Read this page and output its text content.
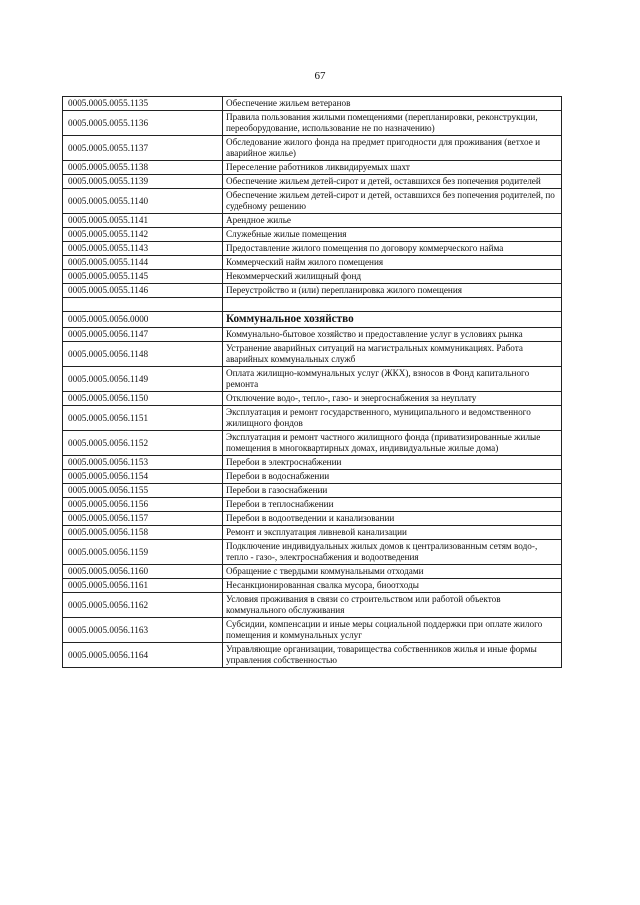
67
0005.0005.0055.1135	Обеспечение жильем ветеранов
0005.0005.0055.1136	Правила пользования жилыми помещениями (перепланировки, реконструкции, переоборудование, использование не по назначению)
0005.0005.0055.1137	Обследование жилого фонда на предмет пригодности для проживания (ветхое и аварийное жилье)
0005.0005.0055.1138	Переселение работников ликвидируемых шахт
0005.0005.0055.1139	Обеспечение жильем детей-сирот и детей, оставшихся без попечения родителей
0005.0005.0055.1140	Обеспечение жильем детей-сирот и детей, оставшихся без попечения родителей, по судебному решению
0005.0005.0055.1141	Арендное жилье
0005.0005.0055.1142	Служебные жилые помещения
0005.0005.0055.1143	Предоставление жилого помещения по договору коммерческого найма
0005.0005.0055.1144	Коммерческий найм жилого помещения
0005.0005.0055.1145	Некоммерческий жилищный фонд
0005.0005.0055.1146	Переустройство и (или) перепланировка жилого помещения

0005.0005.0056.0000	Коммунальное хозяйство
0005.0005.0056.1147	Коммунально-бытовое хозяйство и предоставление услуг в условиях рынка
0005.0005.0056.1148	Устранение аварийных ситуаций на магистральных коммуникациях. Работа аварийных коммунальных служб
0005.0005.0056.1149	Оплата жилищно-коммунальных услуг (ЖКХ), взносов в Фонд капитального ремонта
0005.0005.0056.1150	Отключение водо-, тепло-, газо- и энергоснабжения за неуплату
0005.0005.0056.1151	Эксплуатация и ремонт государственного, муниципального и ведомственного жилищного фондов
0005.0005.0056.1152	Эксплуатация и ремонт частного жилищного фонда (приватизированные жилые помещения в многоквартирных домах, индивидуальные жилые дома)
0005.0005.0056.1153	Перебои в электроснабжении
0005.0005.0056.1154	Перебои в водоснабжении
0005.0005.0056.1155	Перебои в газоснабжении
0005.0005.0056.1156	Перебои в теплоснабжении
0005.0005.0056.1157	Перебои в водоотведении и канализовании
0005.0005.0056.1158	Ремонт и эксплуатация ливневой канализации
0005.0005.0056.1159	Подключение индивидуальных жилых домов к централизованным сетям водо-, тепло - газо-, электроснабжения и водоотведения
0005.0005.0056.1160	Обращение с твердыми коммунальными отходами
0005.0005.0056.1161	Несанкционированная свалка мусора, биоотходы
0005.0005.0056.1162	Условия проживания в связи со строительством или работой объектов коммунального обслуживания
0005.0005.0056.1163	Субсидии, компенсации и иные меры социальной поддержки при оплате жилого помещения и коммунальных услуг
0005.0005.0056.1164	Управляющие организации, товарищества собственников жилья и иные формы управления собственностью
